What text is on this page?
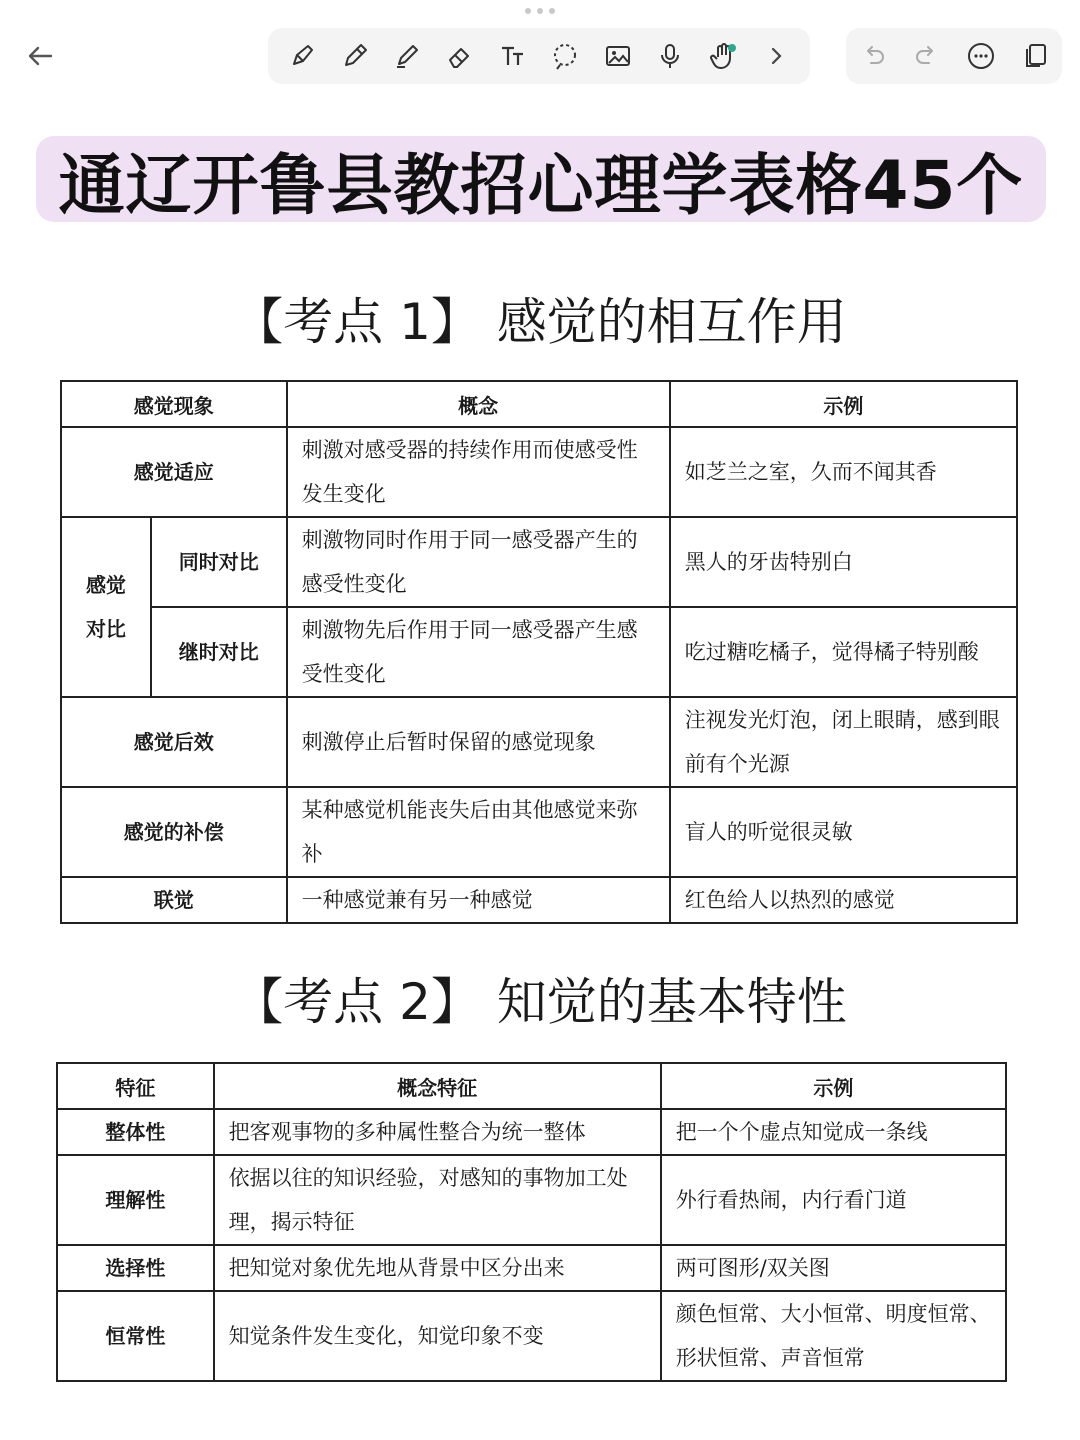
通辽开鲁县教招心理学表格45个
【考点 1】 感觉的相互作用
感觉现象		概念	示例
感觉适应		刺激对感受器的持续作用而使感受性发生变化	如芝兰之室，久而不闻其香
感觉对比	同时对比	刺激物同时作用于同一感受器产生的感受性变化	黑人的牙齿特别白
	继时对比	刺激物先后作用于同一感受器产生感受性变化	吃过糖吃橘子，觉得橘子特别酸
感觉后效		刺激停止后暂时保留的感觉现象	注视发光灯泡，闭上眼睛，感到眼前有个光源
感觉的补偿		某种感觉机能丧失后由其他感觉来弥补	盲人的听觉很灵敏
联觉		一种感觉兼有另一种感觉	红色给人以热烈的感觉
【考点 2】 知觉的基本特性
特征	概念特征	示例
整体性	把客观事物的多种属性整合为统一整体	把一个个虚点知觉成一条线
理解性	依据以往的知识经验，对感知的事物加工处理，揭示特征	外行看热闹，内行看门道
选择性	把知觉对象优先地从背景中区分出来	两可图形/双关图
恒常性	知觉条件发生变化，知觉印象不变	颜色恒常、大小恒常、明度恒常、形状恒常、声音恒常
